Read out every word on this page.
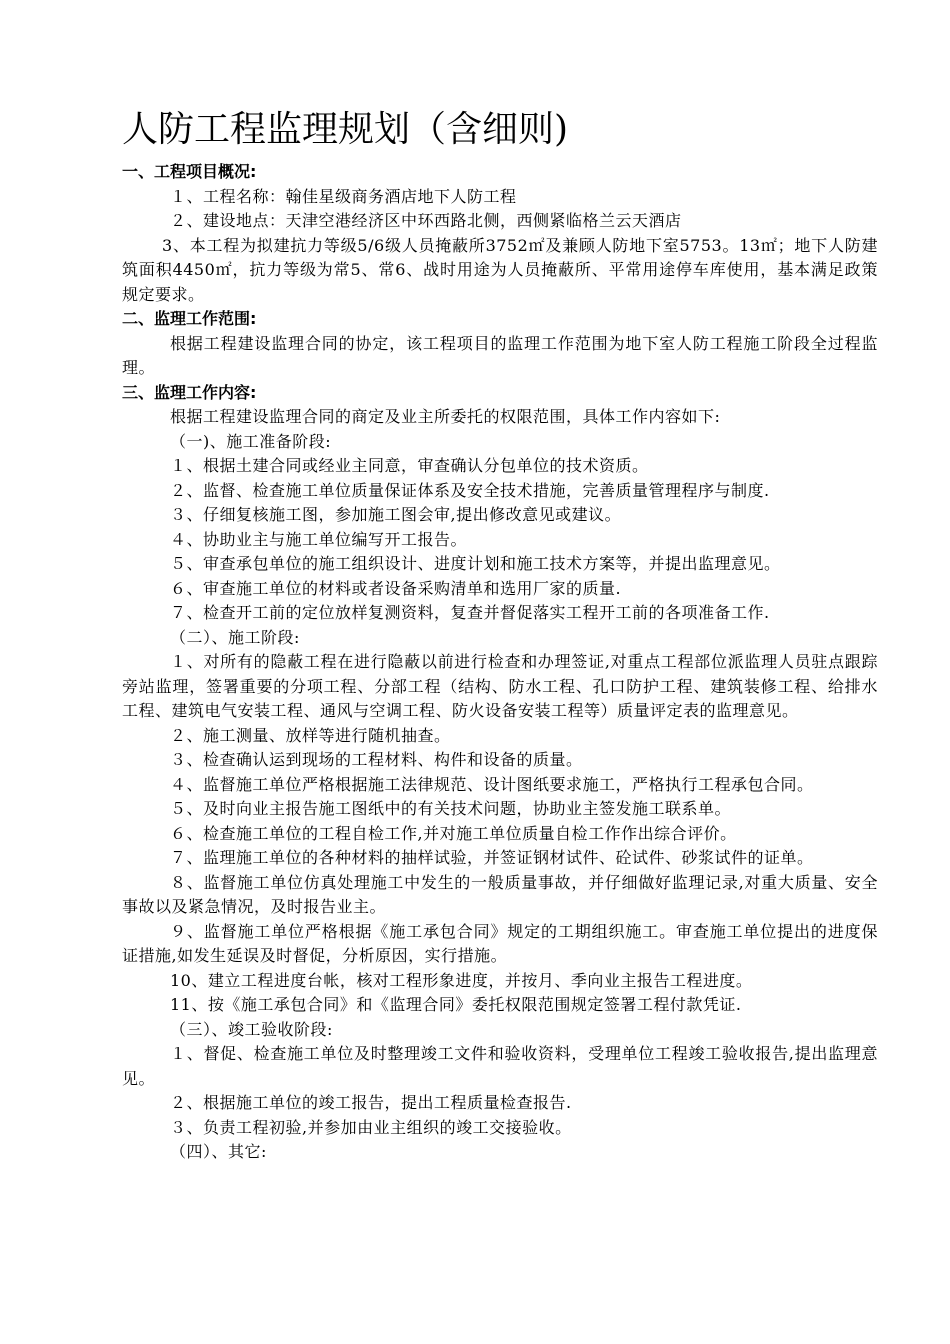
人防工程监理规划（含细则)
一、工程项目概况:

１、工程名称：翰佳星级商务酒店地下人防工程

２、建设地点：天津空港经济区中环西路北侧，西侧紧临格兰云天酒店

3、本工程为拟建抗力等级5/6级人员掩蔽所3752㎡及兼顾人防地下室5753。13㎡；地下人防建筑面积4450㎡，抗力等级为常5、常6、战时用途为人员掩蔽所、平常用途停车库使用，基本满足政策规定要求。

二、监理工作范围:

根据工程建设监理合同的协定，该工程项目的监理工作范围为地下室人防工程施工阶段全过程监理。

三、监理工作内容:

根据工程建设监理合同的商定及业主所委托的权限范围，具体工作内容如下:

（一)、施工准备阶段:

１、根据土建合同或经业主同意，审查确认分包单位的技术资质。

２、监督、检查施工单位质量保证体系及安全技术措施，完善质量管理程序与制度.

３、仔细复核施工图，参加施工图会审,提出修改意见或建议。

４、协助业主与施工单位编写开工报告。

５、审查承包单位的施工组织设计、进度计划和施工技术方案等，并提出监理意见。

６、审查施工单位的材料或者设备采购清单和选用厂家的质量.

７、检查开工前的定位放样复测资料，复查并督促落实工程开工前的各项准备工作.

（二）、施工阶段:

１、对所有的隐蔽工程在进行隐蔽以前进行检查和办理签证,对重点工程部位派监理人员驻点跟踪旁站监理，签署重要的分项工程、分部工程（结构、防水工程、孔口防护工程、建筑装修工程、给排水工程、建筑电气安装工程、通风与空调工程、防火设备安装工程等）质量评定表的监理意见。

２、施工测量、放样等进行随机抽查。

３、检查确认运到现场的工程材料、构件和设备的质量。

４、监督施工单位严格根据施工法律规范、设计图纸要求施工，严格执行工程承包合同。

５、及时向业主报告施工图纸中的有关技术问题，协助业主签发施工联系单。

６、检查施工单位的工程自检工作,并对施工单位质量自检工作作出综合评价。

７、监理施工单位的各种材料的抽样试验，并签证钢材试件、砼试件、砂浆试件的证单。

８、监督施工单位仿真处理施工中发生的一般质量事故，并仔细做好监理记录,对重大质量、安全事故以及紧急情况，及时报告业主。

９、监督施工单位严格根据《施工承包合同》规定的工期组织施工。审查施工单位提出的进度保证措施,如发生延误及时督促，分析原因，实行措施。

10、建立工程进度台帐，核对工程形象进度，并按月、季向业主报告工程进度。

11、按《施工承包合同》和《监理合同》委托权限范围规定签署工程付款凭证.

（三）、竣工验收阶段:

１、督促、检查施工单位及时整理竣工文件和验收资料，受理单位工程竣工验收报告,提出监理意见。

２、根据施工单位的竣工报告，提出工程质量检查报告.

３、负责工程初验,并参加由业主组织的竣工交接验收。

（四）、其它:
